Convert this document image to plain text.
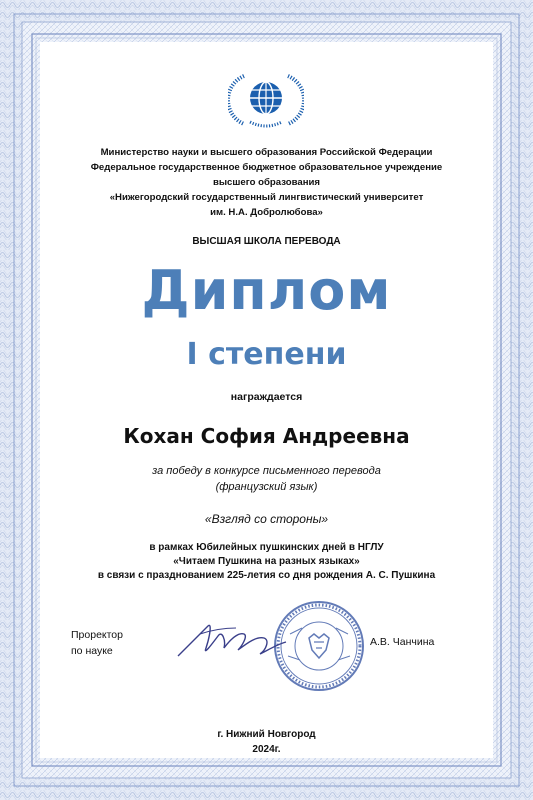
Министерство науки и высшего образования Российской Федерации
Федеральное государственное бюджетное образовательное учреждение
высшего образования
«Нижегородский государственный лингвистический университет
им. Н.А. Добролюбова»
ВЫСШАЯ ШКОЛА ПЕРЕВОДА
Диплом
I степени
награждается
Кохан София Андреевна
за победу в конкурсе письменного перевода
(французский язык)
«Взгляд со стороны»
в рамках Юбилейных пушкинских дней в НГЛУ
«Читаем Пушкина на разных языках»
в связи с празднованием 225-летия со дня рождения А. С. Пушкина
Проректор
по науке
А.В. Чанчина
г. Нижний Новгород
2024г.
